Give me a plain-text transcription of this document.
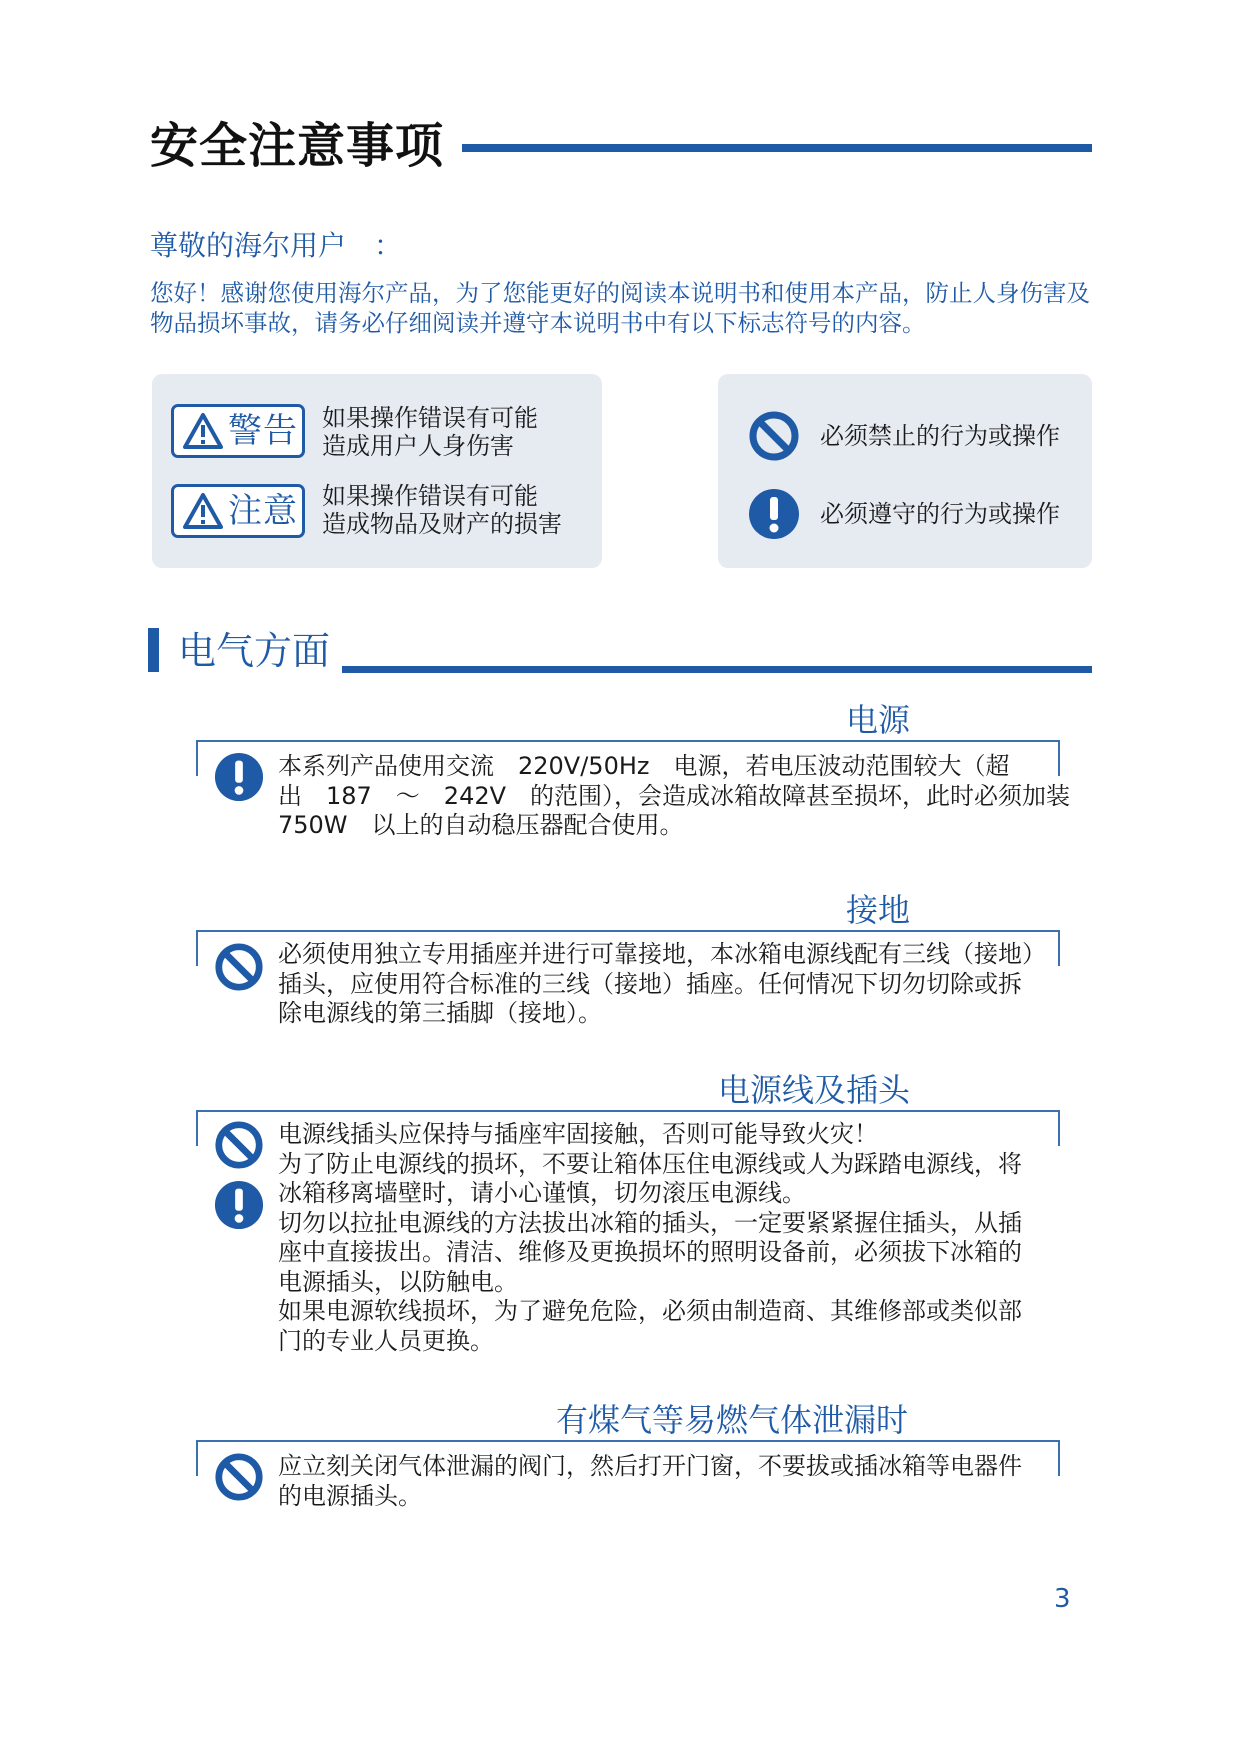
安全注意事项
尊敬的海尔用户　：
您好！感谢您使用海尔产品，为了您能更好的阅读本说明书和使用本产品，防止人身伤害及物品损坏事故，请务必仔细阅读并遵守本说明书中有以下标志符号的内容。
警告 如果操作错误有可能
造成用户人身伤害
注意 如果操作错误有可能
造成物品及财产的损害
必须禁止的行为或操作
必须遵守的行为或操作
电气方面
电源
本系列产品使用交流　220V/50Hz　电源，若电压波动范围较大（超
出　187　～　242V　的范围），会造成冰箱故障甚至损坏，此时必须加装
750W　以上的自动稳压器配合使用。
接地
必须使用独立专用插座并进行可靠接地，本冰箱电源线配有三线（接地）
插头，应使用符合标准的三线（接地）插座。任何情况下切勿切除或拆
除电源线的第三插脚（接地）。
电源线及插头
电源线插头应保持与插座牢固接触，否则可能导致火灾！
为了防止电源线的损坏，不要让箱体压住电源线或人为踩踏电源线，将
冰箱移离墙壁时，请小心谨慎，切勿滚压电源线。
切勿以拉扯电源线的方法拔出冰箱的插头，一定要紧紧握住插头，从插
座中直接拔出。清洁、维修及更换损坏的照明设备前，必须拔下冰箱的
电源插头，以防触电。
如果电源软线损坏，为了避免危险，必须由制造商、其维修部或类似部
门的专业人员更换。
有煤气等易燃气体泄漏时
应立刻关闭气体泄漏的阀门，然后打开门窗，不要拔或插冰箱等电器件
的电源插头。
3
